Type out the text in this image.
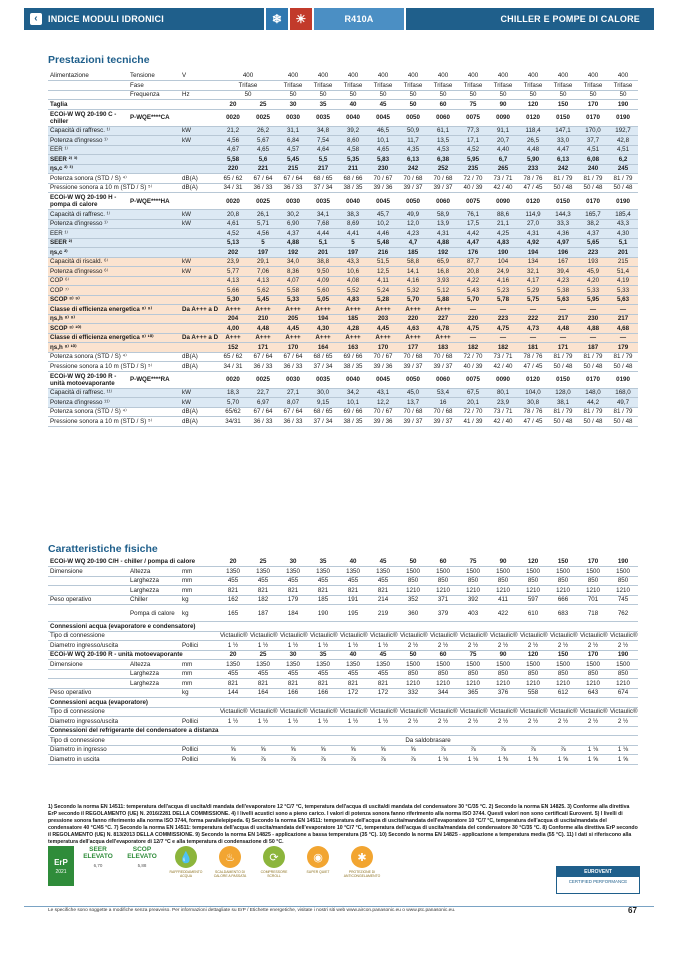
‹	INDICE MODULI IDRONICI	❄	☀	R410A	CHILLER E POMPE DI CALORE
Prestazioni tecniche
Alimentazione	Tensione	V	400		400	400	400	400	400	400	400	400	400	400	400	400
	Fase		Trifase		Trifase	Trifase	Trifase	Trifase	Trifase	Trifase	Trifase	Trifase	Trifase	Trifase	Trifase	Trifase
	Frequenza	Hz	50		50	50	50	50	50	50	50	50	50	50	50	50
Taglia			20	25	30	35	40	45	50	60	75	90	120	150	170	190
ECOi-W WQ 20-190 C - chiller	P-WQE****CA		0020	0025	0030	0035	0040	0045	0050	0060	0075	0090	0120	0150	0170	0190
Capacità di raffresc. ¹⁾		kW	21,2	26,2	31,1	34,8	39,2	46,5	50,9	61,1	77,3	91,1	118,4	147,1	170,0	192,7
Potenza d'ingresso ¹⁾		kW	4,56	5,67	6,84	7,54	8,60	10,1	11,7	13,5	17,1	20,7	26,5	33,0	37,7	42,8
EER ¹⁾			4,67	4,65	4,57	4,64	4,58	4,65	4,35	4,53	4,52	4,40	4,48	4,47	4,51	4,51
SEER ²⁾ ³⁾			5,58	5,6	5,45	5,5	5,35	5,83	6,13	6,38	5,95	6,7	5,90	6,13	6,08	6,2
ηs,c ²⁾ ³⁾			220	221	215	217	211	230	242	252	235	265	233	242	240	245
Potenza sonora (STD / S) ⁴⁾		dB(A)	65 / 62	67 / 64	67 / 64	68 / 65	68 / 66	70 / 67	70 / 68	70 / 68	72 / 70	73 / 71	78 / 76	81 / 79	81 / 79	81 / 79
Pressione sonora a 10 m (STD / S) ⁵⁾		dB(A)	34 / 31	36 / 33	36 / 33	37 / 34	38 / 35	39 / 36	39 / 37	39 / 37	40 / 39	42 / 40	47 / 45	50 / 48	50 / 48	50 / 48
ECOi-W WQ 20-190 H - pompa di calore	P-WQE****HA		0020	0025	0030	0035	0040	0045	0050	0060	0075	0090	0120	0150	0170	0190
Capacità di raffresc. ¹⁾		kW	20,8	26,1	30,2	34,1	38,3	45,7	49,9	58,9	76,1	88,6	114,9	144,3	165,7	185,4
Potenza d'ingresso ¹⁾		kW	4,61	5,71	6,90	7,68	8,69	10,2	12,0	13,9	17,5	21,1	27,0	33,3	38,2	43,3
EER ¹⁾			4,52	4,56	4,37	4,44	4,41	4,46	4,23	4,31	4,42	4,25	4,31	4,36	4,37	4,30
SEER ²⁾			5,13	5	4,88	5,1	5	5,48	4,7	4,88	4,47	4,83	4,92	4,97	5,65	5,1
ηs,c ²⁾			202	197	192	201	197	216	185	192	176	190	194	196	223	201
Capacità di riscald. ⁶⁾		kW	23,9	29,1	34,0	38,8	43,3	51,5	58,8	65,9	87,7	104	134	167	193	215
Potenza d'ingresso ⁶⁾		kW	5,77	7,06	8,36	9,50	10,6	12,5	14,1	16,8	20,8	24,9	32,1	39,4	45,9	51,4
COP ⁶⁾			4,13	4,13	4,07	4,09	4,08	4,11	4,16	3,93	4,22	4,16	4,17	4,23	4,20	4,19
COP ⁷⁾			5,66	5,62	5,58	5,60	5,52	5,24	5,32	5,12	5,43	5,23	5,29	5,38	5,33	5,33
SCOP ⁸⁾ ⁹⁾			5,30	5,45	5,33	5,05	4,83	5,28	5,70	5,88	5,70	5,78	5,75	5,63	5,95	5,63
Classe di efficienza energetica ⁸⁾ ⁹⁾		Da A+++ a D	A+++	A+++	A+++	A+++	A+++	A+++	A+++	A+++	—	—	—	—	—	—
ηs,h ⁸⁾ ⁹⁾			204	210	205	194	185	203	220	227	220	223	222	217	230	217
SCOP ⁸⁾ ¹⁰⁾			4,00	4,48	4,45	4,30	4,28	4,45	4,63	4,78	4,75	4,75	4,73	4,48	4,88	4,68
Classe di efficienza energetica ⁸⁾ ¹⁰⁾		Da A+++ a D	A+++	A+++	A+++	A+++	A+++	A+++	A+++	A+++	—	—	—	—	—	—
ηs,h ⁸⁾ ¹⁰⁾			152	171	170	164	163	170	177	183	182	182	181	171	187	179
Potenza sonora (STD / S) ⁴⁾		dB(A)	65 / 62	67 / 64	67 / 64	68 / 65	69 / 66	70 / 67	70 / 68	70 / 68	72 / 70	73 / 71	78 / 76	81 / 79	81 / 79	81 / 79
Pressione sonora a 10 m (STD / S) ⁵⁾		dB(A)	34 / 31	36 / 33	36 / 33	37 / 34	38 / 35	39 / 36	39 / 37	39 / 37	40 / 39	42 / 40	47 / 45	50 / 48	50 / 48	50 / 48
ECOi-W WQ 20-190 R - unità motoevaporante	P-WQE****RA		0020	0025	0030	0035	0040	0045	0050	0060	0075	0090	0120	0150	0170	0190
Capacità di raffresc. ¹¹⁾		kW	18,3	22,7	27,1	30,0	34,2	43,1	45,0	53,4	67,5	80,1	104,0	128,0	148,0	168,0
Potenza d'ingresso ¹¹⁾		kW	5,70	6,97	8,07	9,15	10,1	12,2	13,7	16	20,1	23,9	30,8	38,1	44,2	49,7
Potenza sonora (STD / S) ⁴⁾		dB(A)	65/62	67 / 64	67 / 64	68 / 65	69 / 66	70 / 67	70 / 68	70 / 68	72 / 70	73 / 71	78 / 76	81 / 79	81 / 79	81 / 79
Pressione sonora a 10 m (STD / S) ⁵⁾		dB(A)	34/31	36 / 33	36 / 33	37 / 34	38 / 35	39 / 36	39 / 37	39 / 37	41 / 39	42 / 40	47 / 45	50 / 48	50 / 48	50 / 48
Caratteristiche fisiche
ECOi-W WQ 20-190 C/H - chiller / pompa di calore			20	25	30	35	40	45	50	60	75	90	120	150	170	190
Dimensione	Altezza	mm	1350	1350	1350	1350	1350	1350	1500	1500	1500	1500	1500	1500	1500	1500
	Larghezza	mm	455	455	455	455	455	455	850	850	850	850	850	850	850	850
	Larghezza	mm	821	821	821	821	821	821	1210	1210	1210	1210	1210	1210	1210	1210
Peso operativo	Chiller	kg	162	182	179	185	191	214	352	371	392	411	597	666	701	745
	Pompa di calore	kg	165	187	184	190	195	219	360	379	403	422	610	683	718	762
Connessioni acqua (evaporatore e condensatore)																
Tipo di connessione			Victaulic®	Victaulic®	Victaulic®	Victaulic®	Victaulic®	Victaulic®	Victaulic®	Victaulic®	Victaulic®	Victaulic®	Victaulic®	Victaulic®	Victaulic®	Victaulic®
Diametro ingresso/uscita		Pollici	1 ½	1 ½	1 ½	1 ½	1 ½	1 ½	2 ½	2 ½	2 ½	2 ½	2 ½	2 ½	2 ½	2 ½
ECOi-W WQ 20-190 R - unità motoevaporante			20	25	30	35	40	45	50	60	75	90	120	150	170	190
Dimensione	Altezza	mm	1350	1350	1350	1350	1350	1350	1500	1500	1500	1500	1500	1500	1500	1500
	Larghezza	mm	455	455	455	455	455	455	850	850	850	850	850	850	850	850
	Larghezza	mm	821	821	821	821	821	821	1210	1210	1210	1210	1210	1210	1210	1210
Peso operativo		kg	144	164	166	166	172	172	332	344	365	376	558	612	643	674
Connessioni acqua (evaporatore)																
Tipo di connessione			Victaulic®	Victaulic®	Victaulic®	Victaulic®	Victaulic®	Victaulic®	Victaulic®	Victaulic®	Victaulic®	Victaulic®	Victaulic®	Victaulic®	Victaulic®	Victaulic®
Diametro ingresso/uscita		Pollici	1 ½	1 ½	1 ½	1 ½	1 ½	1 ½	2 ½	2 ½	2 ½	2 ½	2 ½	2 ½	2 ½	2 ½
Connessioni del refrigerante del condensatore a distanza																
Tipo di connessione			Da saldobrasare													
Diametro in ingresso		Pollici	⅝	⅝	⅝	⅝	⅝	⅝	⅝	⅞	⅞	⅞	⅞	⅞	1 ⅛	1 ⅛
Diametro in uscita		Pollici	⅝	⅞	⅞	⅞	⅞	⅞	⅞	1 ⅛	1 ⅛	1 ⅜	1 ⅜	1 ⅝	1 ⅝	1 ⅝
1) Secondo la norma EN 14511: temperatura dell'acqua di uscita/di mandata dell'evaporatore 12 °C/7 °C, temperatura dell'acqua di uscita/di mandata del condensatore 30 °C/35 °C. 2) Secondo la norma EN 14825. 3) Conforme alla direttiva ErP secondo il REGOLAMENTO (UE) N. 2016/2281 DELLA COMMISSIONE. 4) I livelli acustici sono a pieno carico. I valori di potenza sonora fanno riferimento alla norma ISO 3744. Questi valori non sono certificati Eurovent. 5) I livelli di pressione sonora fanno riferimento alla norma ISO 3744, forma parallelepipeda. 6) Secondo la norma EN 14511: temperatura dell'acqua di uscita/mandata dell'evaporatore 10 °C/7 °C, temperatura dell'acqua di uscita/mandata del condensatore 40 °C/45 °C. 7) Secondo la norma EN 14511: temperatura dell'acqua di uscita/mandata dell'evaporatore 10 °C/7 °C, temperatura dell'acqua di uscita/mandata del condensatore 30 °C/35 °C. 8) Conforme alla direttiva ErP secondo il REGOLAMENTO (UE) N. 813/2013 DELLA COMMISSIONE. 9) Secondo la norma EN 14825 - applicazione a bassa temperatura (35 °C). 10) Secondo la norma EN 14825 - applicazione a temperatura media (55 °C). 11) I dati si riferiscono alla temperatura dell'acqua dell'evaporatore di 12/7 °C e alla temperatura di condensazione di 50 °C.
ErP
2021
SEER ELEVATO
6,70
SCOP ELEVATO
5,88
💧
RAFFREDDAMENTO ACQUA
♨
SCALDAMENTO DI CALORE A PASSATA
⟳
COMPRESSORE SCROLL
◉
SUPER QUIET
✱
PROTEZIONE DI ANTICONGELAMENTO
EUROVENT
CERTIFIED PERFORMANCE
Le specifiche sono soggette a modifiche senza preavviso. Per informazioni dettagliate su ErP / Etichette energetiche, visitate i nostri siti web www.aircon.panasonic.eu o www.ptc.panasonic.eu.	67
